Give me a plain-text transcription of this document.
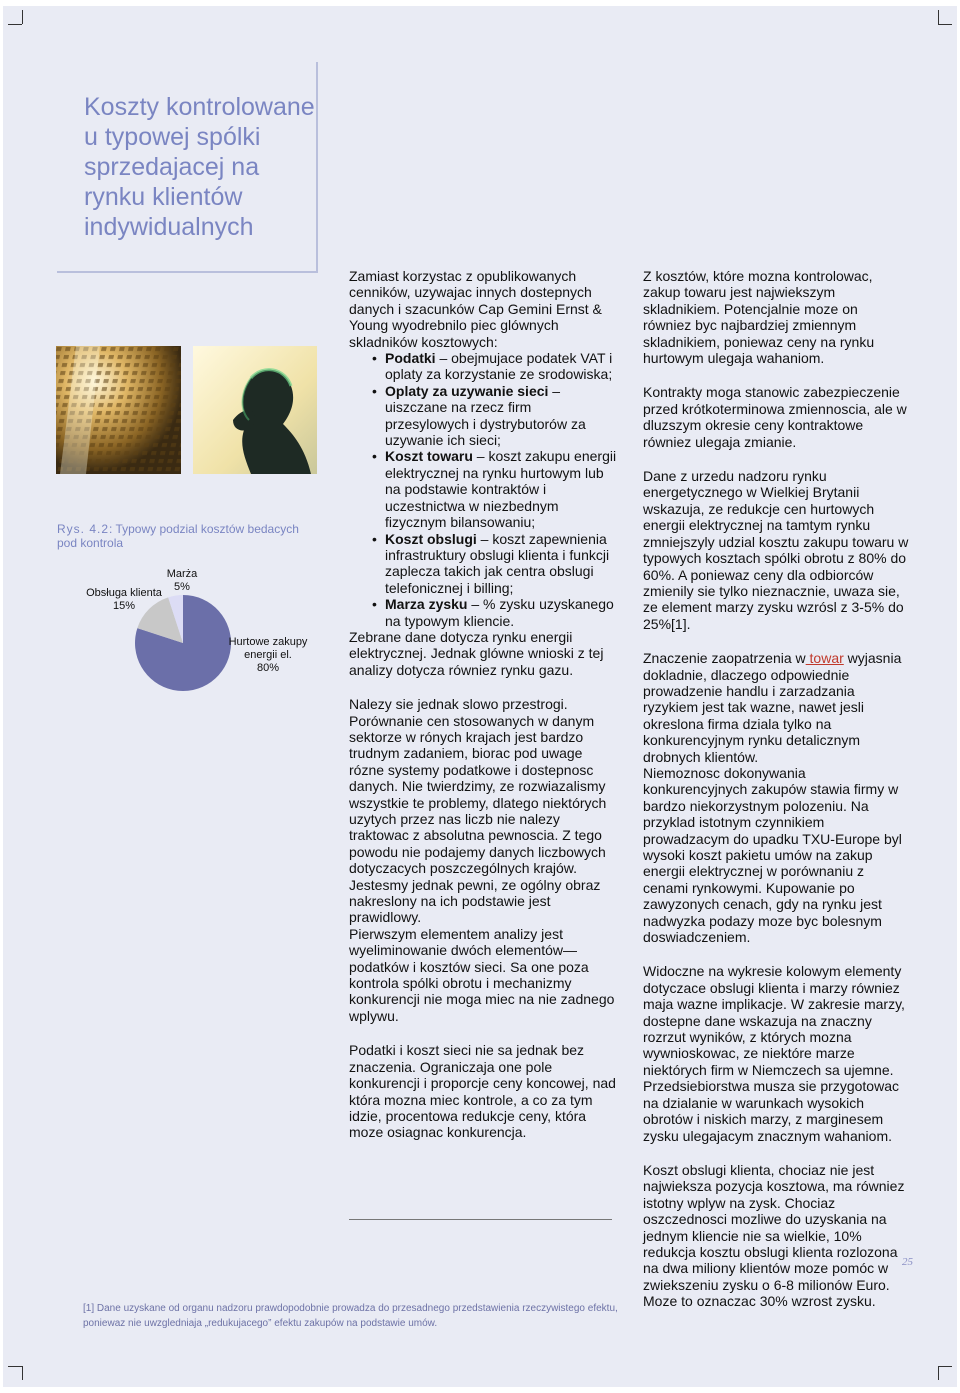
Koszty kontrolowane
u typowej spólki
sprzedajacej na
rynku klientów
indywidualnych
Rys. 4.2: Typowy podzial kosztów bedacych pod kontrola
Hurtowe zakupy
energii el.
80%
Obsługa klienta
15%
Marża
5%

Zamiast korzystac z opublikowanych cenników, uzywajac innych dostepnych danych i szacunków Cap Gemini Ernst & Young wyodrebnilo piec glównych skladników kosztowych:

• Podatki – obejmujace podatek VAT i oplaty za korzystanie ze srodowiska;
• Oplaty za uzywanie sieci – uiszczane na rzecz firm przesylowych i dystrybutorów za uzywanie ich sieci;
• Koszt towaru – koszt zakupu energii elektrycznej na rynku hurtowym lub na podstawie kontraktów i uczestnictwa w niezbednym fizycznym bilansowaniu;
• Koszt obslugi – koszt zapewnienia infrastruktury obslugi klienta i funkcji zaplecza takich jak centra obslugi telefonicznej i billing;
• Marza zysku – % zysku uzyskanego na typowym kliencie.

Zebrane dane dotycza rynku energii elektrycznej. Jednak glówne wnioski z tej analizy dotycza równiez rynku gazu.

Nalezy sie jednak slowo przestrogi. Porównanie cen stosowanych w danym sektorze w rónych krajach jest bardzo trudnym zadaniem, biorac pod uwage rózne systemy podatkowe i dostepnosc danych. Nie twierdzimy, ze rozwiazalismy wszystkie te problemy, dlatego niektórych uzytych przez nas liczb nie nalezy traktowac z absolutna pewnoscia. Z tego powodu nie podajemy danych liczbowych dotyczacych poszczególnych krajów. Jestesmy jednak pewni, ze ogólny obraz nakreslony na ich podstawie jest prawidlowy.

Pierwszym elementem analizy jest wyeliminowanie dwóch elementów— podatków i kosztów sieci. Sa one poza kontrola spólki obrotu i mechanizmy konkurencji nie moga miec na nie zadnego wplywu.

Podatki i koszt sieci nie sa jednak bez znaczenia. Ograniczaja one pole konkurencji i proporcje ceny koncowej, nad która mozna miec kontrole, a co za tym idzie, procentowa redukcje ceny, która moze osiagnac konkurencja.

Z kosztów, które mozna kontrolowac, zakup towaru jest najwiekszym skladnikiem. Potencjalnie moze on równiez byc najbardziej zmiennym skladnikiem, poniewaz ceny na rynku hurtowym ulegaja wahaniom.

Kontrakty moga stanowic zabezpieczenie przed krótkoterminowa zmiennoscia, ale w dluzszym okresie ceny kontraktowe równiez ulegaja zmianie.

Dane z urzedu nadzoru rynku energetycznego w Wielkiej Brytanii wskazuja, ze redukcje cen hurtowych energii elektrycznej na tamtym rynku zmniejszyly udzial kosztu zakupu towaru w typowych kosztach spólki obrotu z 80% do 60%. A poniewaz ceny dla odbiorców zmienily sie tylko nieznacznie, uwaza sie, ze element marzy zysku wzrósl z 3-5% do 25%[1].

Znaczenie zaopatrzenia w towar wyjasnia dokladnie, dlaczego odpowiednie prowadzenie handlu i zarzadzania ryzykiem jest tak wazne, nawet jesli okreslona firma dziala tylko na konkurencyjnym rynku detalicznym drobnych klientów.

Niemoznosc dokonywania konkurencyjnych zakupów stawia firmy w bardzo niekorzystnym polozeniu. Na przyklad istotnym czynnikiem prowadzacym do upadku TXU-Europe byl wysoki koszt pakietu umów na zakup energii elektrycznej w porównaniu z cenami rynkowymi. Kupowanie po zawyzonych cenach, gdy na rynku jest nadwyzka podazy moze byc bolesnym doswiadczeniem.

Widoczne na wykresie kolowym elementy dotyczace obslugi klienta i marzy równiez maja wazne implikacje. W zakresie marzy, dostepne dane wskazuja na znaczny rozrzut wyników, z których mozna wywnioskowac, ze niektóre marze niektórych firm w Niemczech sa ujemne. Przedsiebiorstwa musza sie przygotowac na dzialanie w warunkach wysokich obrotów i niskich marzy, z marginesem zysku ulegajacym znacznym wahaniom.

Koszt obslugi klienta, chociaz nie jest najwieksza pozycja kosztowa, ma równiez istotny wplyw na zysk. Chociaz oszczednosci mozliwe do uzyskania na jednym kliencie nie sa wielkie, 10% redukcja kosztu obslugi klienta rozlozona na dwa miliony klientów moze pomóc w zwiekszeniu zysku o 6-8 milionów Euro. Moze to oznaczac 30% wzrost zysku.

[1] Dane uzyskane od organu nadzoru prawdopodobnie prowadza do przesadnego przedstawienia rzeczywistego efektu, poniewaz nie uwzgledniaja „redukujacego” efektu zakupów na podstawie umów.
25
